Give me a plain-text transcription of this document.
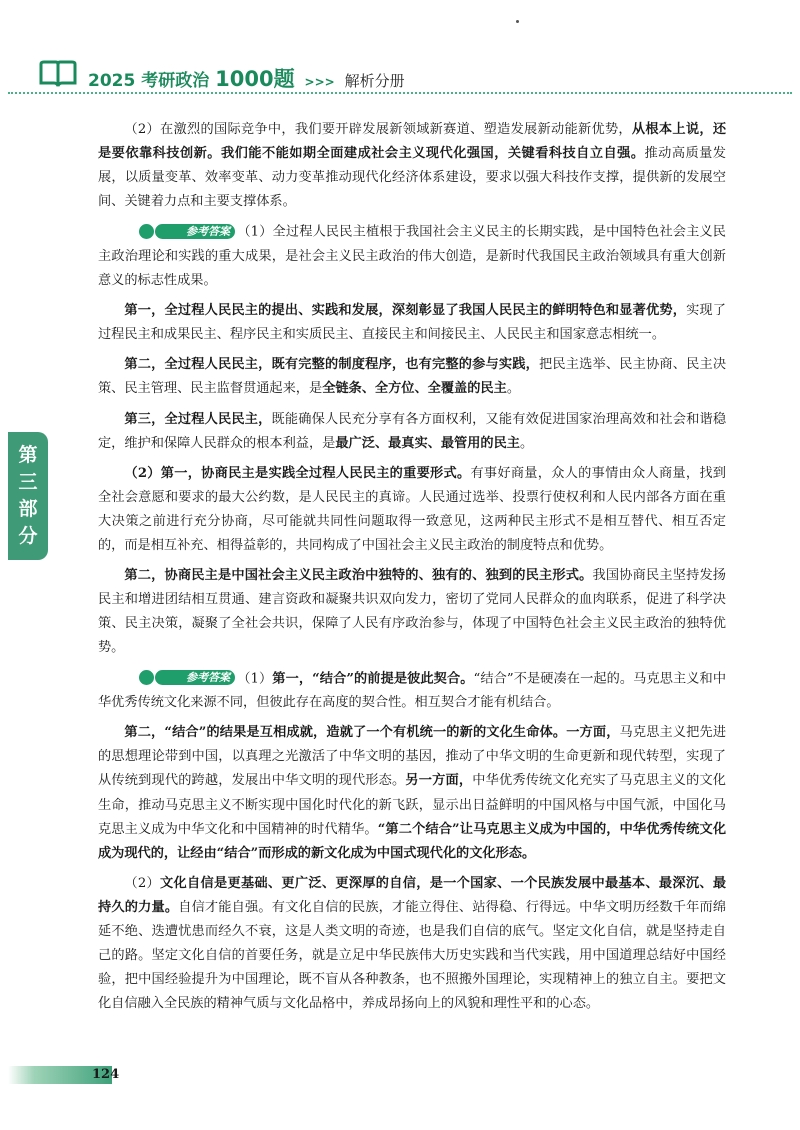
2025 考研政治 1000题 >>> 解析分册
第三部分

（2）在激烈的国际竞争中，我们要开辟发展新领域新赛道、塑造发展新动能新优势，从根本上说，还是要依靠科技创新。我们能不能如期全面建成社会主义现代化强国，关键看科技自立自强。推动高质量发展，以质量变革、效率变革、动力变革推动现代化经济体系建设，要求以强大科技作支撑，提供新的发展空间、关键着力点和主要支撑体系。

参考答案 （1）全过程人民民主植根于我国社会主义民主的长期实践，是中国特色社会主义民主政治理论和实践的重大成果，是社会主义民主政治的伟大创造，是新时代我国民主政治领域具有重大创新意义的标志性成果。

第一，全过程人民民主的提出、实践和发展，深刻彰显了我国人民民主的鲜明特色和显著优势，实现了过程民主和成果民主、程序民主和实质民主、直接民主和间接民主、人民民主和国家意志相统一。

第二，全过程人民民主，既有完整的制度程序，也有完整的参与实践，把民主选举、民主协商、民主决策、民主管理、民主监督贯通起来，是全链条、全方位、全覆盖的民主。

第三，全过程人民民主，既能确保人民充分享有各方面权利，又能有效促进国家治理高效和社会和谐稳定，维护和保障人民群众的根本利益，是最广泛、最真实、最管用的民主。

（2）第一，协商民主是实践全过程人民民主的重要形式。有事好商量，众人的事情由众人商量，找到全社会意愿和要求的最大公约数，是人民民主的真谛。人民通过选举、投票行使权利和人民内部各方面在重大决策之前进行充分协商，尽可能就共同性问题取得一致意见，这两种民主形式不是相互替代、相互否定的，而是相互补充、相得益彰的，共同构成了中国社会主义民主政治的制度特点和优势。

第二，协商民主是中国社会主义民主政治中独特的、独有的、独到的民主形式。我国协商民主坚持发扬民主和增进团结相互贯通、建言资政和凝聚共识双向发力，密切了党同人民群众的血肉联系，促进了科学决策、民主决策，凝聚了全社会共识，保障了人民有序政治参与，体现了中国特色社会主义民主政治的独特优势。

参考答案 （1）第一，“结合”的前提是彼此契合。“结合”不是硬凑在一起的。马克思主义和中华优秀传统文化来源不同，但彼此存在高度的契合性。相互契合才能有机结合。

第二，“结合”的结果是互相成就，造就了一个有机统一的新的文化生命体。一方面，马克思主义把先进的思想理论带到中国，以真理之光激活了中华文明的基因，推动了中华文明的生命更新和现代转型，实现了从传统到现代的跨越，发展出中华文明的现代形态。另一方面，中华优秀传统文化充实了马克思主义的文化生命，推动马克思主义不断实现中国化时代化的新飞跃，显示出日益鲜明的中国风格与中国气派，中国化马克思主义成为中华文化和中国精神的时代精华。“第二个结合”让马克思主义成为中国的，中华优秀传统文化成为现代的，让经由“结合”而形成的新文化成为中国式现代化的文化形态。

（2）文化自信是更基础、更广泛、更深厚的自信，是一个国家、一个民族发展中最基本、最深沉、最持久的力量。自信才能自强。有文化自信的民族，才能立得住、站得稳、行得远。中华文明历经数千年而绵延不绝、迭遭忧患而经久不衰，这是人类文明的奇迹，也是我们自信的底气。坚定文化自信，就是坚持走自己的路。坚定文化自信的首要任务，就是立足中华民族伟大历史实践和当代实践，用中国道理总结好中国经验，把中国经验提升为中国理论，既不盲从各种教条，也不照搬外国理论，实现精神上的独立自主。要把文化自信融入全民族的精神气质与文化品格中，养成昂扬向上的风貌和理性平和的心态。

124
